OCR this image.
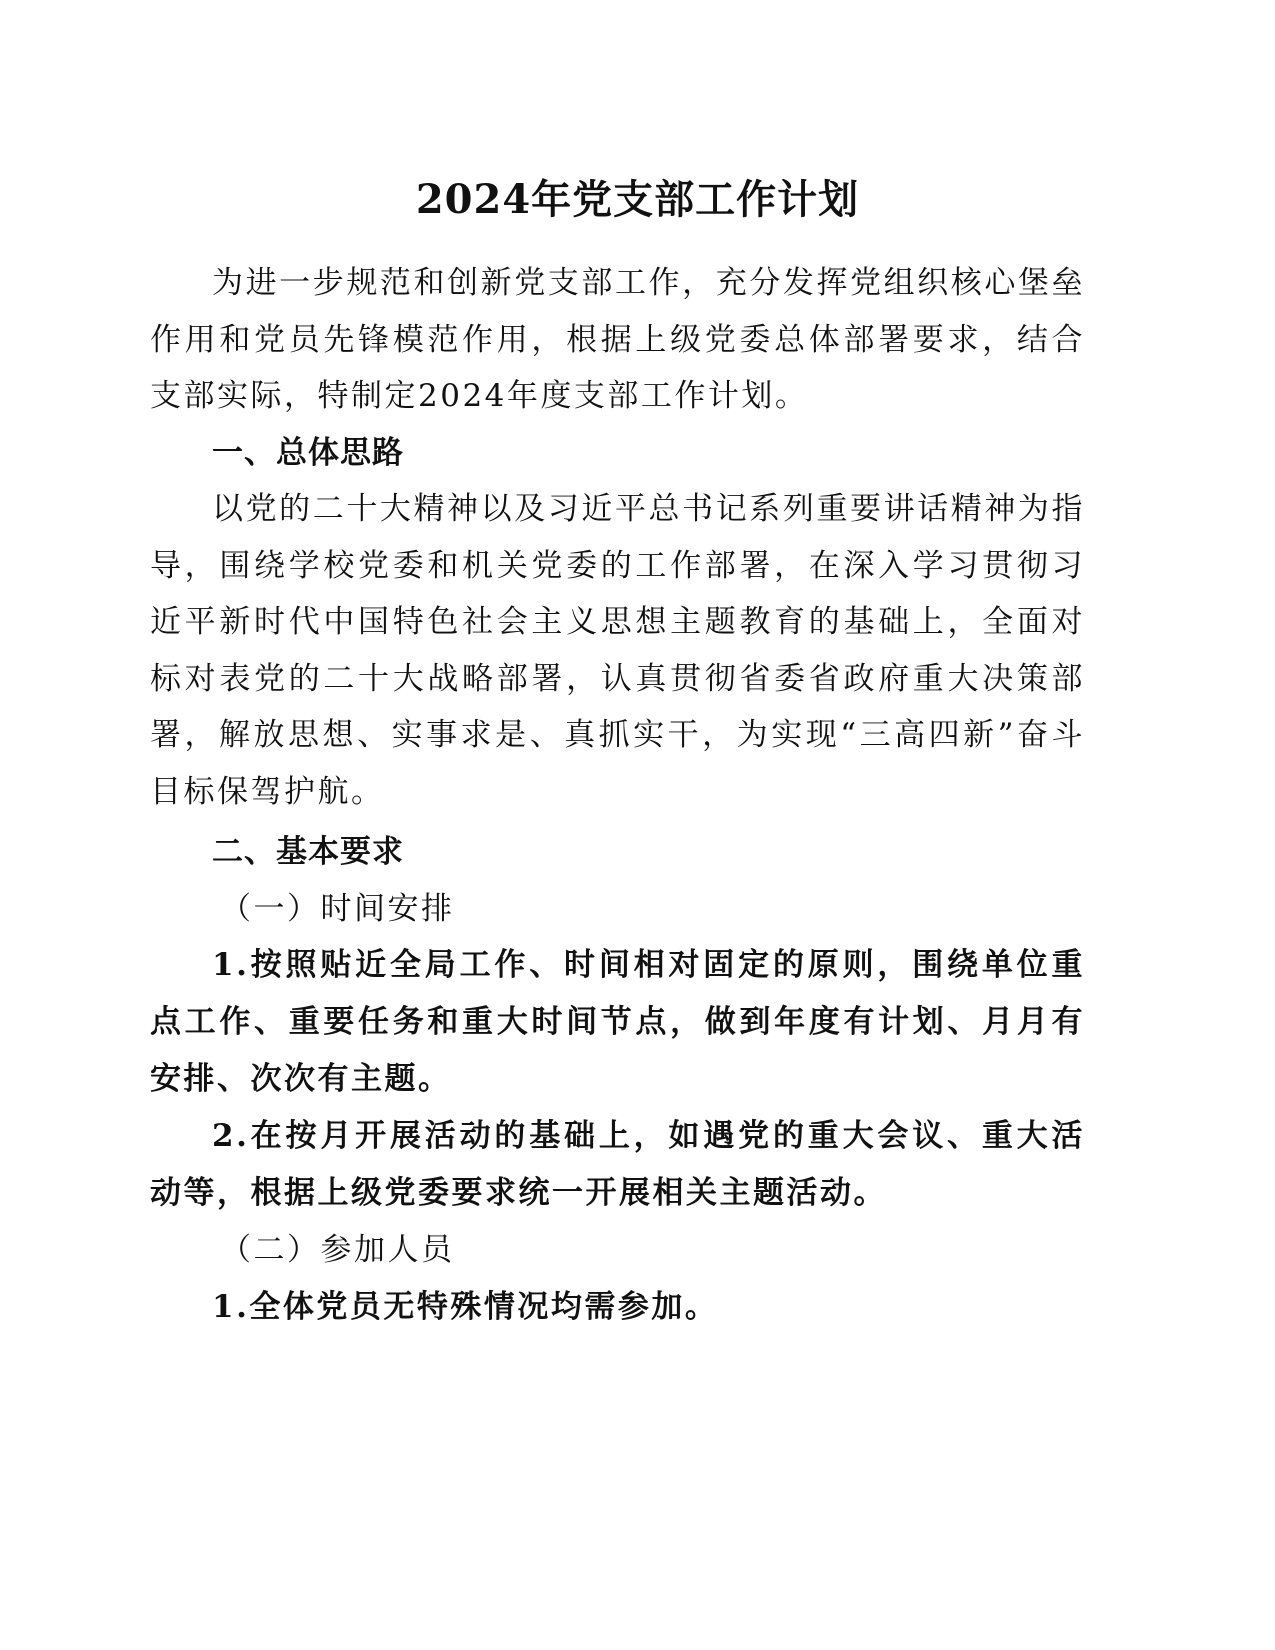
2024年党支部工作计划

为进一步规范和创新党支部工作，充分发挥党组织核心堡垒作用和党员先锋模范作用，根据上级党委总体部署要求，结合支部实际，特制定2024年度支部工作计划。

一、总体思路

以党的二十大精神以及习近平总书记系列重要讲话精神为指导，围绕学校党委和机关党委的工作部署，在深入学习贯彻习近平新时代中国特色社会主义思想主题教育的基础上，全面对标对表党的二十大战略部署，认真贯彻省委省政府重大决策部署，解放思想、实事求是、真抓实干，为实现“三高四新”奋斗目标保驾护航。

二、基本要求

（一）时间安排

1.按照贴近全局工作、时间相对固定的原则，围绕单位重点工作、重要任务和重大时间节点，做到年度有计划、月月有安排、次次有主题。

2.在按月开展活动的基础上，如遇党的重大会议、重大活动等，根据上级党委要求统一开展相关主题活动。

（二）参加人员

1.全体党员无特殊情况均需参加。
